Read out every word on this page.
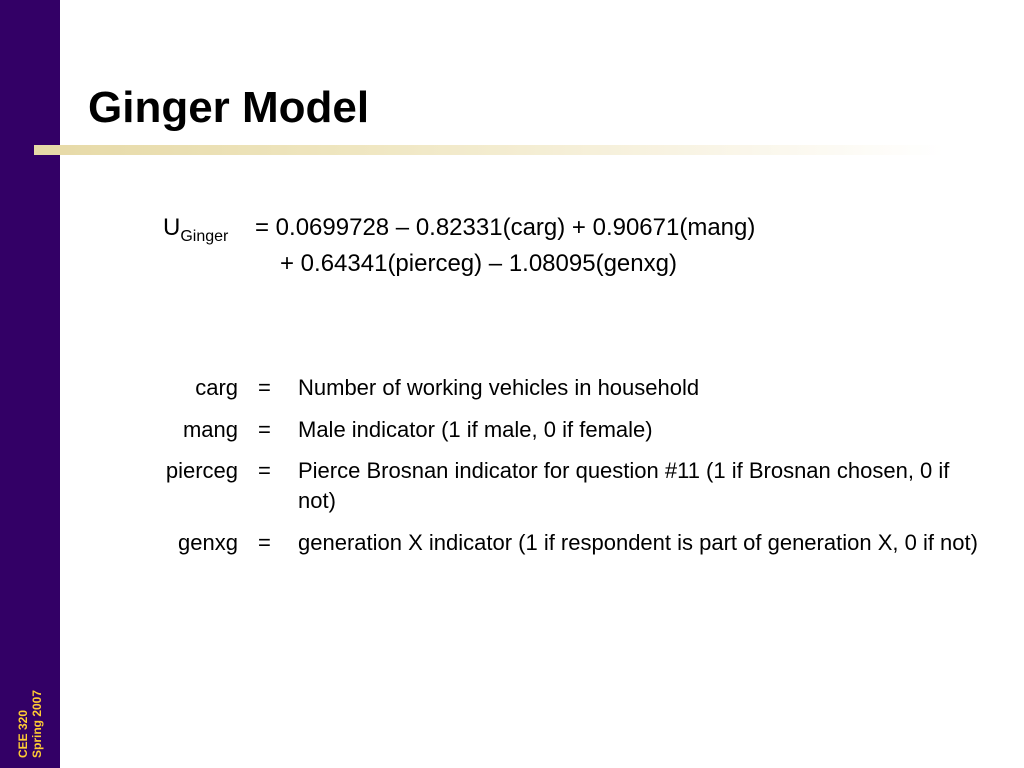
CEE 320 Spring 2007
Ginger Model
$U_{Ginger} = 0.0699728$ – 0.82331(carg) + 0.90671(mang)
+ 0.64341(pierceg) – 1.08095(genxg)
carg = Number of working vehicles in household
mang = Male indicator (1 if male, 0 if female)
pierceg = Pierce Brosnan indicator for question #11 (1 if Brosnan chosen, 0 if not)
genxg = generation X indicator (1 if respondent is part of generation X, 0 if not)
